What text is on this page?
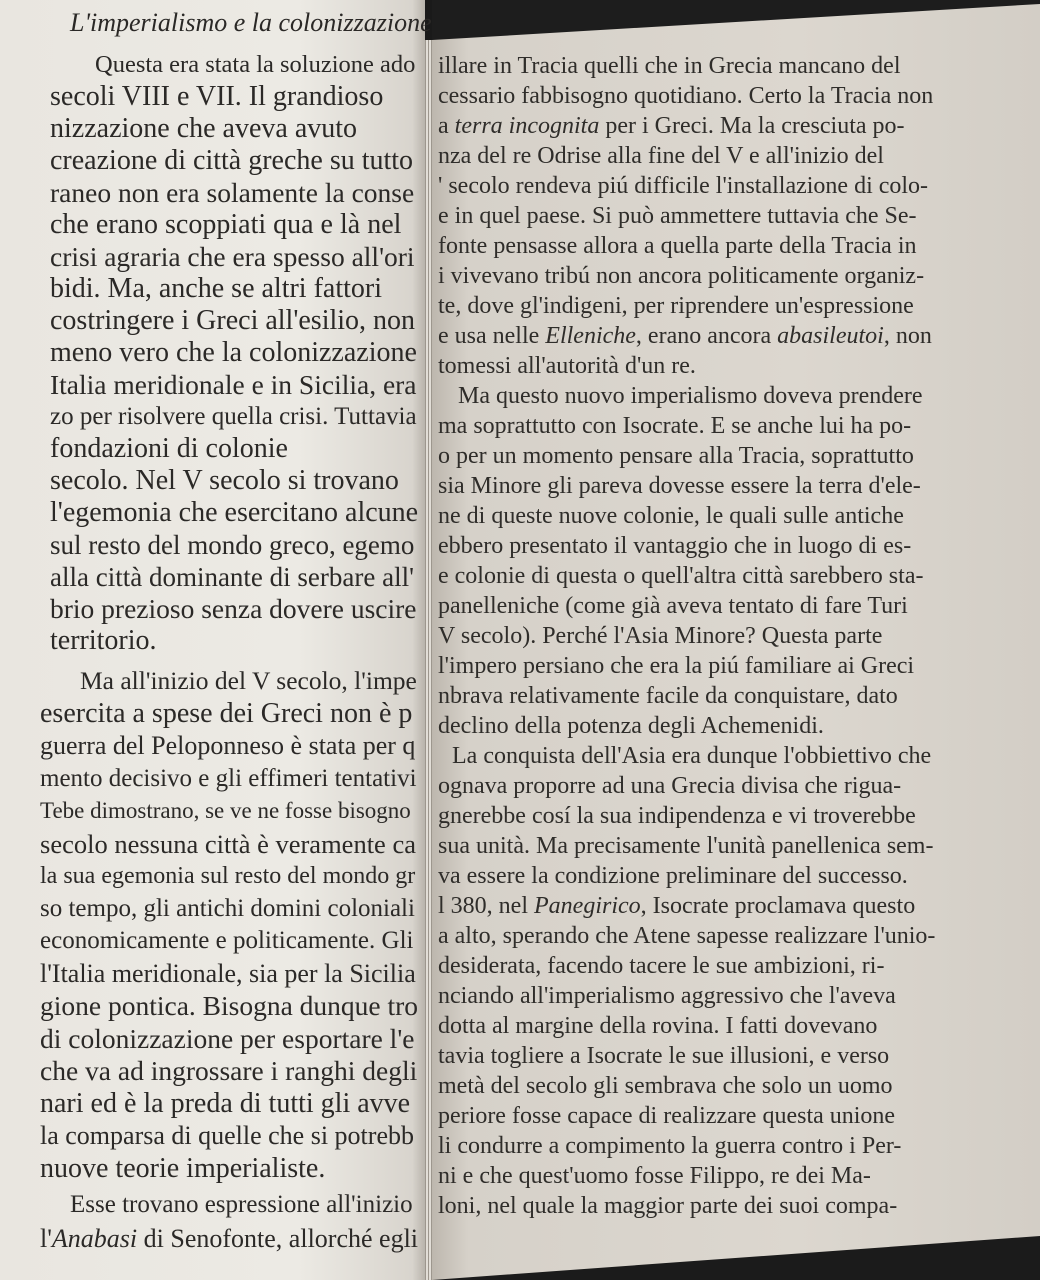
illare in Tracia quelli che in Grecia mancano del
cessario fabbisogno quotidiano. Certo la Tracia non
a terra incognita per i Greci. Ma la cresciuta po-
nza del re Odrise alla fine del V e all'inizio del
' secolo rendeva piú difficile l'installazione di colo-
e in quel paese. Si può ammettere tuttavia che Se-
fonte pensasse allora a quella parte della Tracia in
i vivevano tribú non ancora politicamente organiz-
te, dove gl'indigeni, per riprendere un'espressione
e usa nelle Elleniche, erano ancora abasileutoi, non
tomessi all'autorità d'un re.
Ma questo nuovo imperialismo doveva prendere
ma soprattutto con Isocrate. E se anche lui ha po-
o per un momento pensare alla Tracia, soprattutto
sia Minore gli pareva dovesse essere la terra d'ele-
ne di queste nuove colonie, le quali sulle antiche
ebbero presentato il vantaggio che in luogo di es-
e colonie di questa o quell'altra città sarebbero sta-
panelleniche (come già aveva tentato di fare Turi
V secolo). Perché l'Asia Minore? Questa parte
l'impero persiano che era la piú familiare ai Greci
nbrava relativamente facile da conquistare, dato
declino della potenza degli Achemenidi.
La conquista dell'Asia era dunque l'obbiettivo che
ognava proporre ad una Grecia divisa che rigua-
gnerebbe cosí la sua indipendenza e vi troverebbe
sua unità. Ma precisamente l'unità panellenica sem-
va essere la condizione preliminare del successo.
l 380, nel Panegirico, Isocrate proclamava questo
a alto, sperando che Atene sapesse realizzare l'unio-
desiderata, facendo tacere le sue ambizioni, ri-
nciando all'imperialismo aggressivo che l'aveva
dotta al margine della rovina. I fatti dovevano
tavia togliere a Isocrate le sue illusioni, e verso
metà del secolo gli sembrava che solo un uomo
periore fosse capace di realizzare questa unione
li condurre a compimento la guerra contro i Per-
ni e che quest'uomo fosse Filippo, re dei Ma-
loni, nel quale la maggior parte dei suoi compa-
L'imperialismo e la colonizzazione
Questa era stata la soluzione ado
secoli VIII e VII. Il grandioso
nizzazione che aveva avuto
creazione di città greche su tutto
raneo non era solamente la conse
che erano scoppiati qua e là nel
crisi agraria che era spesso all'ori
bidi. Ma, anche se altri fattori
costringere i Greci all'esilio, non
meno vero che la colonizzazione
Italia meridionale e in Sicilia, era
zo per risolvere quella crisi. Tuttavia
fondazioni di colonie
secolo. Nel V secolo si trovano
l'egemonia che esercitano alcune
sul resto del mondo greco, egemo
alla città dominante di serbare all'
brio prezioso senza dovere uscire
territorio.
Ma all'inizio del V secolo, l'impe
esercita a spese dei Greci non è p
guerra del Peloponneso è stata per q
mento decisivo e gli effimeri tentativi
Tebe dimostrano, se ve ne fosse bisogno
secolo nessuna città è veramente ca
la sua egemonia sul resto del mondo gr
so tempo, gli antichi domini coloniali
economicamente e politicamente. Gli
l'Italia meridionale, sia per la Sicilia
gione pontica. Bisogna dunque tro
di colonizzazione per esportare l'e
che va ad ingrossare i ranghi degli
nari ed è la preda di tutti gli avve
la comparsa di quelle che si potrebb
nuove teorie imperialiste.
Esse trovano espressione all'inizio
l'Anabasi di Senofonte, allorché egli
